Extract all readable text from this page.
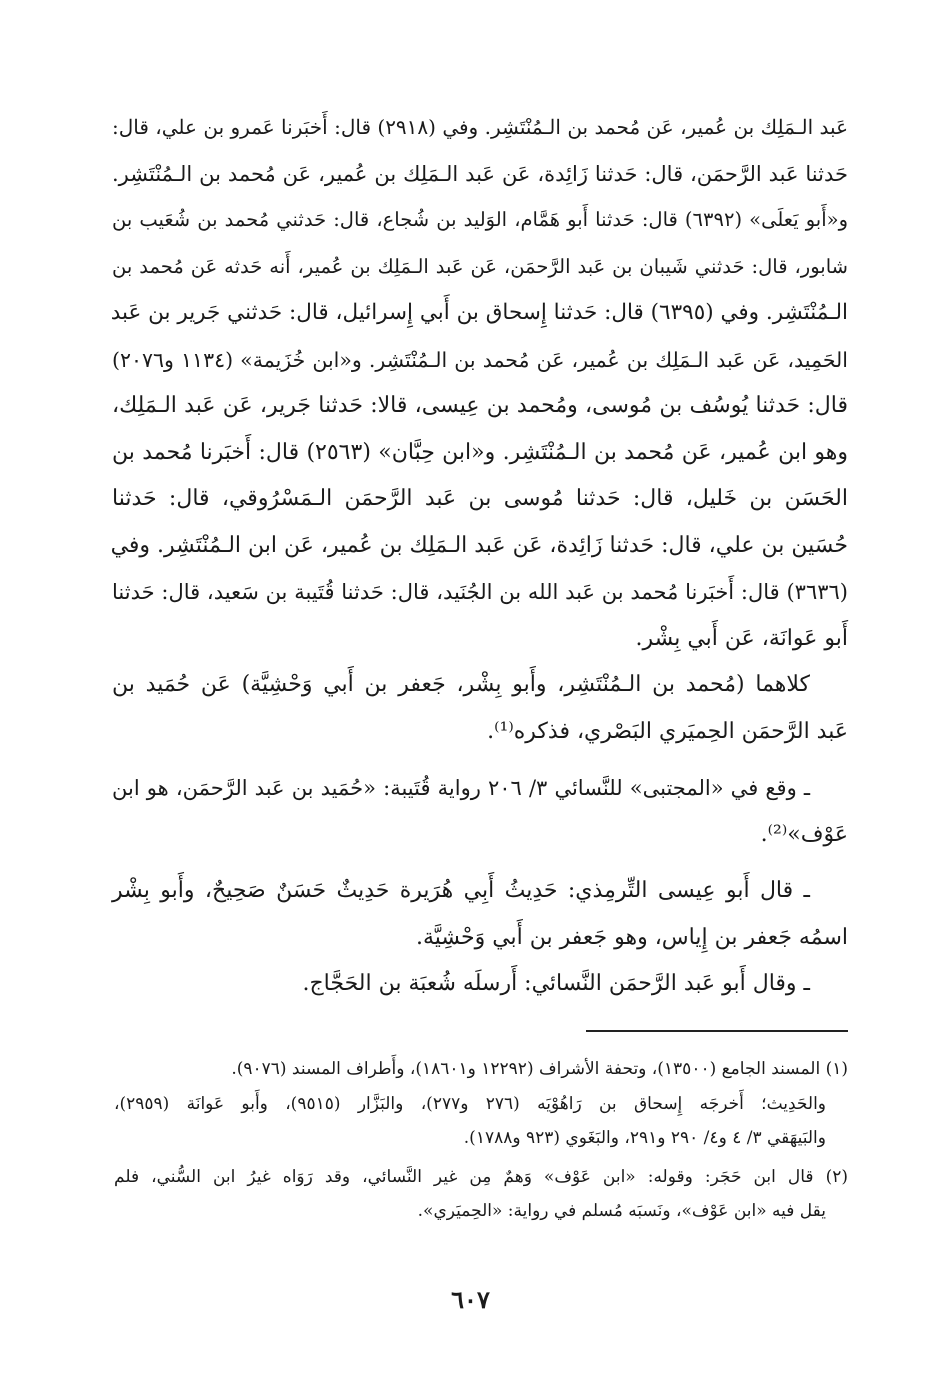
عَبد الـمَلِك بن عُمير، عَن مُحمد بن الـمُنْتَشِر. وفي (٢٩١٨) قال: أَخبَرنا عَمرو بن علي، قال:
حَدثنا عَبد الرَّحمَن، قال: حَدثنا زَائِدة، عَن عَبد الـمَلِك بن عُمير، عَن مُحمد بن الـمُنْتَشِر.
و«أَبو يَعلَى» (٦٣٩٢) قال: حَدثنا أَبو هَمَّام، الوَليد بن شُجاع، قال: حَدثني مُحمد بن شُعَيب بن
شابور، قال: حَدثني شَيبان بن عَبد الرَّحمَن، عَن عَبد الـمَلِك بن عُمير، أَنه حَدثه عَن مُحمد بن
الـمُنْتَشِر. وفي (٦٣٩٥) قال: حَدثنا إِسحاق بن أَبي إِسرائيل، قال: حَدثني جَرير بن عَبد
الحَمِيد، عَن عَبد الـمَلِك بن عُمير، عَن مُحمد بن الـمُنْتَشِر. و«ابن خُزَيمة» (١١٣٤ و٢٠٧٦)
قال: حَدثنا يُوسُف بن مُوسى، ومُحمد بن عِيسى، قالا: حَدثنا جَرير، عَن عَبد الـمَلِك،
وهو ابن عُمير، عَن مُحمد بن الـمُنْتَشِر. و«ابن حِبَّان» (٢٥٦٣) قال: أَخبَرنا مُحمد بن
الحَسَن بن خَليل، قال: حَدثنا مُوسى بن عَبد الرَّحمَن الـمَسْرُوقي، قال: حَدثنا
حُسَين بن علي، قال: حَدثنا زَائِدة، عَن عَبد الـمَلِك بن عُمير، عَن ابن الـمُنْتَشِر. وفي
(٣٦٣٦) قال: أَخبَرنا مُحمد بن عَبد الله بن الجُنَيد، قال: حَدثنا قُتَيبة بن سَعيد، قال: حَدثنا
أَبو عَوانَة، عَن أَبي بِشْر.
كلاهما (مُحمد بن الـمُنْتَشِر، وأَبو بِشْر، جَعفر بن أَبي وَحْشِيَّة) عَن حُمَيد بن
عَبد الرَّحمَن الحِميَري البَصْري، فذكره⁽¹⁾.
ـ وقع في «المجتبى» للنَّسائي ٣/ ٢٠٦ رواية قُتَيبة: «حُمَيد بن عَبد الرَّحمَن، هو ابن
عَوْف»⁽²⁾.
ـ قال أَبو عِيسى التِّرمِذي: حَدِيثُ أَبِي هُرَيرة حَدِيثٌ حَسَنٌ صَحِيحٌ، وأَبو بِشْر
اسمُه جَعفر بن إِياس، وهو جَعفر بن أَبي وَحْشِيَّة.
ـ وقال أَبو عَبد الرَّحمَن النَّسائي: أَرسلَه شُعبَة بن الحَجَّاج.
(١) المسند الجامع (١٣٥٠٠)، وتحفة الأشراف (١٢٢٩٢ و١٨٦٠١)، وأَطراف المسند (٩٠٧٦).
والحَدِيث؛ أَخرجَه إِسحاق بن رَاهُوْيَه (٢٧٦ و٢٧٧)، والبَزَّار (٩٥١٥)، وأَبو عَوانَة (٢٩٥٩)،
والبَيهَقي ٣/ ٤ و٤/ ٢٩٠ و٢٩١، والبَغَوي (٩٢٣ و١٧٨٨).
(٢) قال ابن حَجَر: وقوله: «ابن عَوْف» وَهمٌ مِن غير النَّسائي، وقد رَوَاه غيرُ ابن السُّني، فلم
يقل فيه «ابن عَوْف»، ونَسبَه مُسلم في رواية: «الحِميَري».
٦٠٧
